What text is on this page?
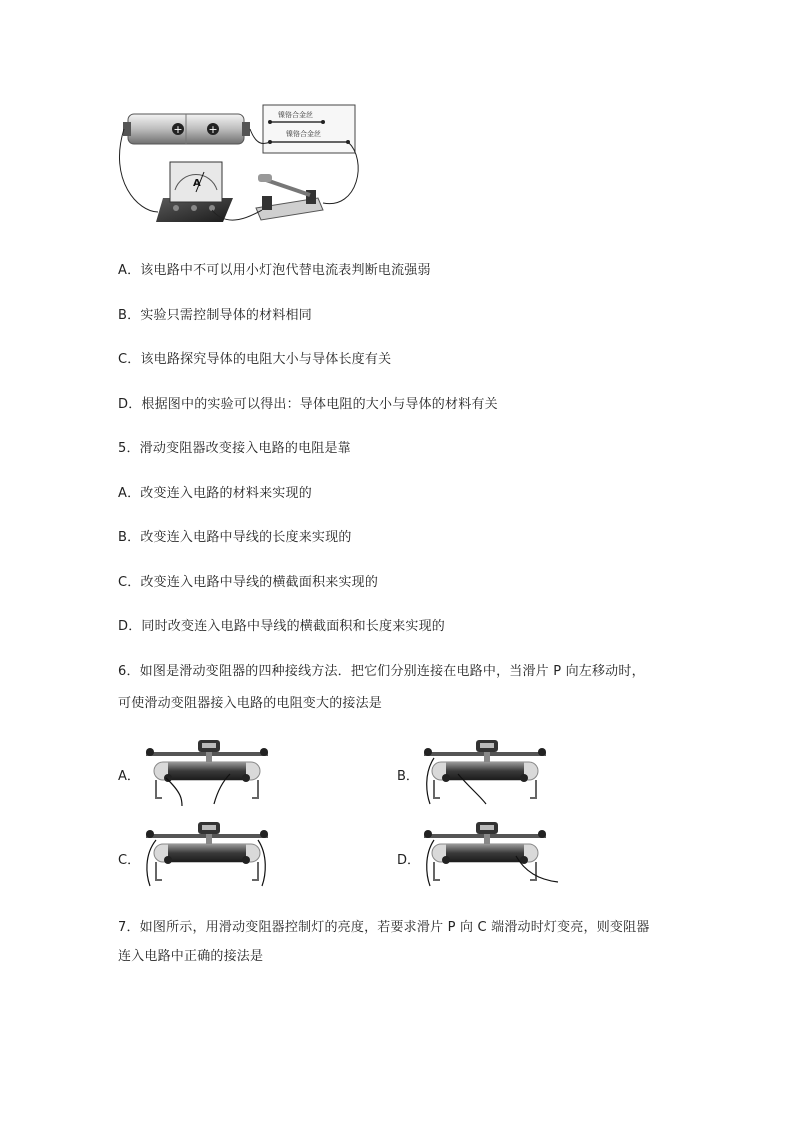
+ +
镍铬合金丝
镍铬合金丝
A
A．该电路中不可以用小灯泡代替电流表判断电流强弱
B．实验只需控制导体的材料相同
C．该电路探究导体的电阻大小与导体长度有关
D．根据图中的实验可以得出：导体电阻的大小与导体的材料有关
5．滑动变阻器改变接入电路的电阻是靠
A．改变连入电路的材料来实现的
B．改变连入电路中导线的长度来实现的
C．改变连入电路中导线的横截面积来实现的
D．同时改变连入电路中导线的横截面积和长度来实现的
6．如图是滑动变阻器的四种接线方法．把它们分别连接在电路中，当滑片 P 向左移动时，
可使滑动变阻器接入电路的电阻变大的接法是
A．	B．
C．	D．
7．如图所示，用滑动变阻器控制灯的亮度，若要求滑片 P 向 C 端滑动时灯变亮，则变阻器
连入电路中正确的接法是
